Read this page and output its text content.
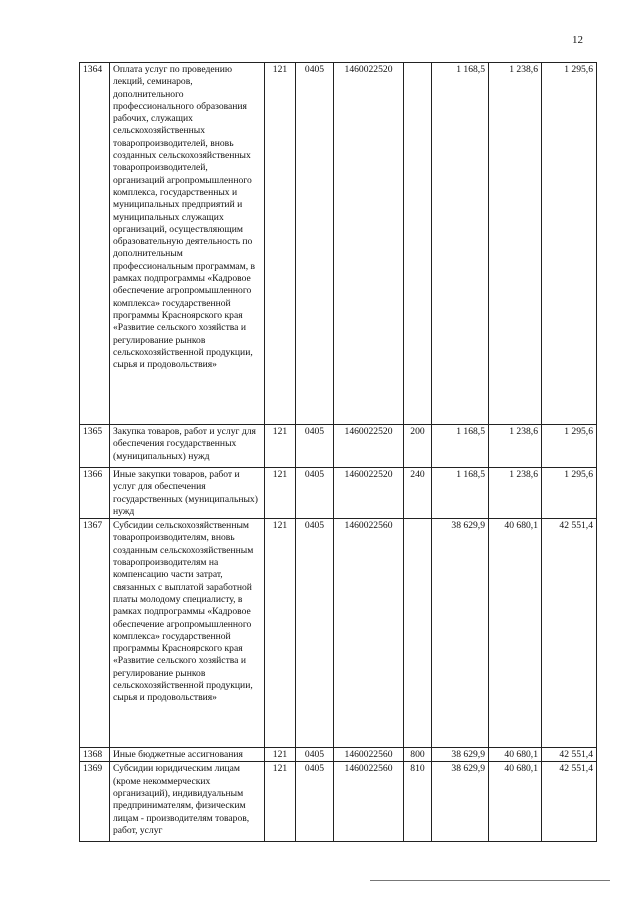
12
1364	Оплата услуг по проведению лекций, семинаров, дополнительного профессионального образования рабочих, служащих сельскохозяйственных товаропроизводителей, вновь созданных сельскохозяйственных товаропроизводителей, организаций агропромышленного комплекса, государственных и муниципальных предприятий и муниципальных служащих организаций, осуществляющим образовательную деятельность по дополнительным профессиональным программам, в рамках подпрограммы «Кадровое обеспечение агропромышленного комплекса» государственной программы Красноярского края «Развитие сельского хозяйства и регулирование рынков сельскохозяйственной продукции, сырья и продовольствия»	121	0405	1460022520		1 168,5	1 238,6	1 295,6
1365	Закупка товаров, работ и услуг для обеспечения государственных (муниципальных) нужд	121	0405	1460022520	200	1 168,5	1 238,6	1 295,6
1366	Иные закупки товаров, работ и услуг для обеспечения государственных (муниципальных) нужд	121	0405	1460022520	240	1 168,5	1 238,6	1 295,6
1367	Субсидии сельскохозяйственным товаропроизводителям, вновь созданным сельскохозяйственным товаропроизводителям на компенсацию части затрат, связанных с выплатой заработной платы молодому специалисту, в рамках подпрограммы «Кадровое обеспечение агропромышленного комплекса» государственной программы Красноярского края «Развитие сельского хозяйства и регулирование рынков сельскохозяйственной продукции, сырья и продовольствия»	121	0405	1460022560		38 629,9	40 680,1	42 551,4
1368	Иные бюджетные ассигнования	121	0405	1460022560	800	38 629,9	40 680,1	42 551,4
1369	Субсидии юридическим лицам (кроме некоммерческих организаций), индивидуальным предпринимателям, физическим лицам - производителям товаров, работ, услуг	121	0405	1460022560	810	38 629,9	40 680,1	42 551,4
